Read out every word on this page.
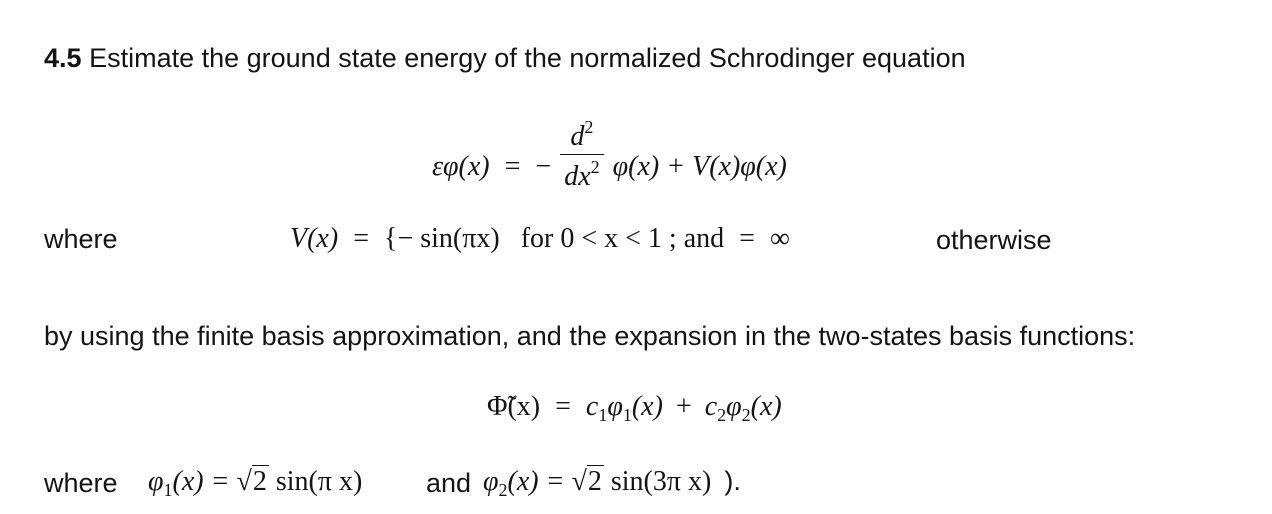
4.5 Estimate the ground state energy of the normalized Schrodinger equation
εφ(x) = − $\frac{d^2}{dx^2} \varphi(x) + V(x)\varphi(x)$
where	V(x) = {− sin(πx) for 0 < x < 1 ; and = ∞	otherwise
by using the finite basis approximation, and the expansion in the two-states basis functions:
Φ̃(x) = $c_1\varphi_1(x) + c_2\varphi_2(x)$
where $\varphi_1(x) = √2$ sin(π x) and $\varphi_2(x) = √2$ sin(3π x) ).
